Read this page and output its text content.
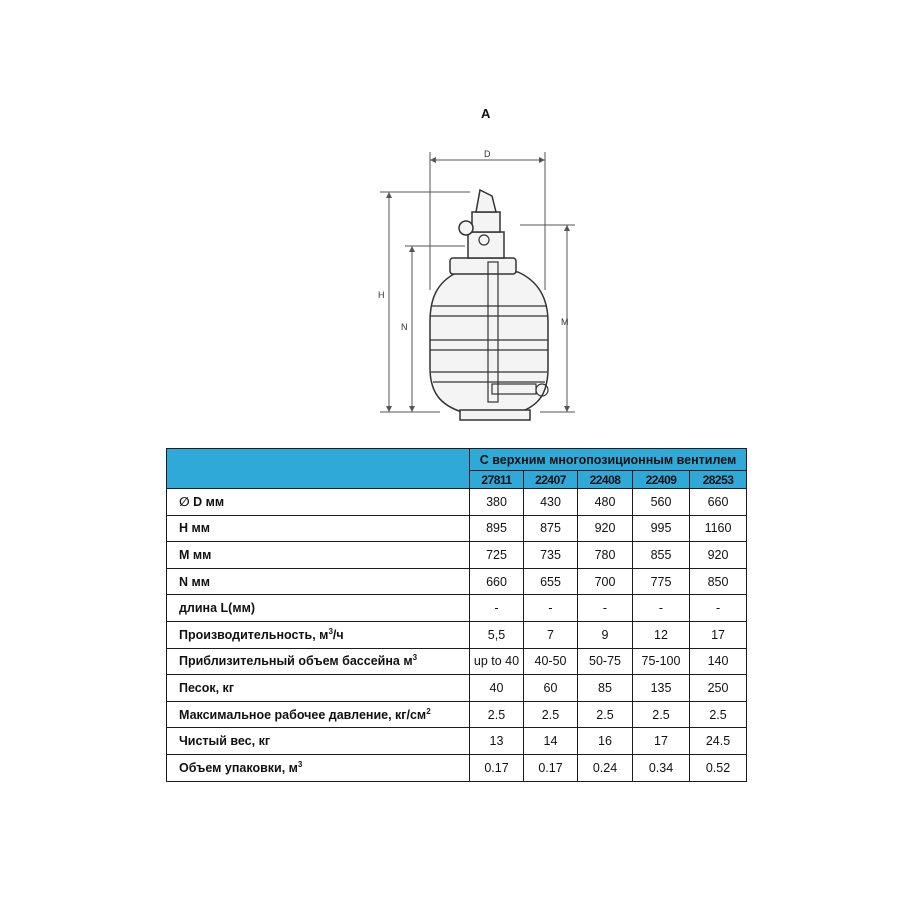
A
D
H
N	M
	С верхним многопозиционным вентилем				
	27811	22407	22408	22409	28253
∅ D мм	380	430	480	560	660
H мм	895	875	920	995	1160
M мм	725	735	780	855	920
N мм	660	655	700	775	850
длина L(мм)	-	-	-	-	-
Производительность, $м^3/ч$	5,5	7	9	12	17
Приблизительный объем бассейна $м^3$	up to 40	40-50	50-75	75-100	140
Песок, кг	40	60	85	135	250
Максимальное рабочее давление, $кг/см^2$	2.5	2.5	2.5	2.5	2.5
Чистый вес, кг	13	14	16	17	24.5
Объем упаковки, $м^3$	0.17	0.17	0.24	0.34	0.52
